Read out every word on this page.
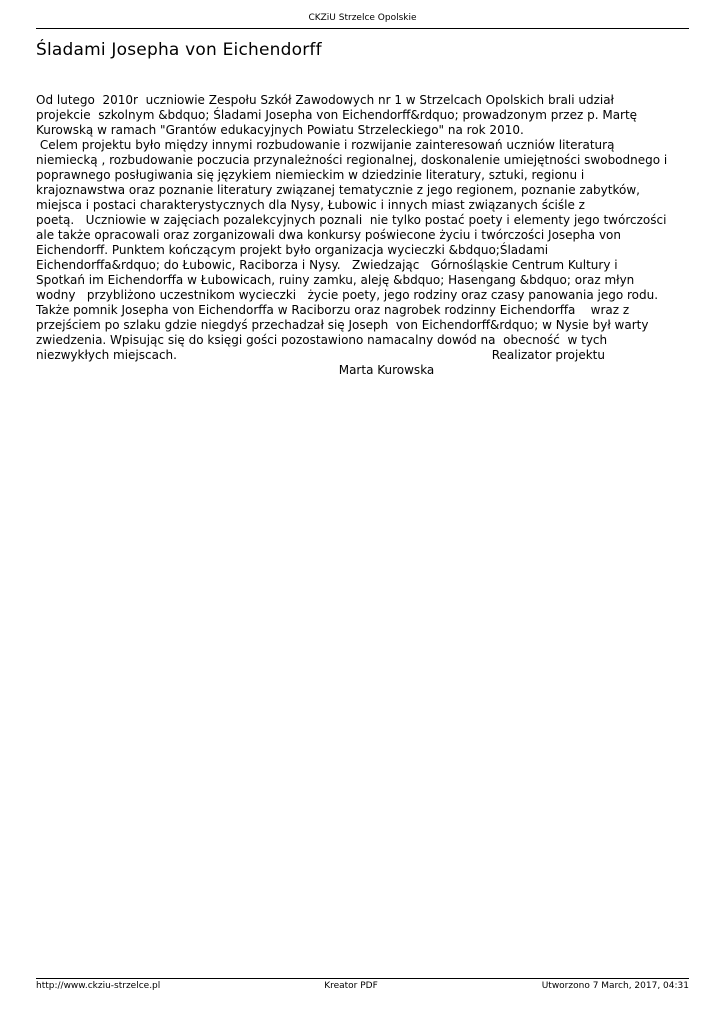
CKZiU Strzelce Opolskie
Śladami Josepha von Eichendorff
Od lutego  2010r  uczniowie Zespołu Szkół Zawodowych nr 1 w Strzelcach Opolskich brali udział
projekcie  szkolnym &bdquo; Śladami Josepha von Eichendorff&rdquo; prowadzonym przez p. Martę
Kurowską w ramach "Grantów edukacyjnych Powiatu Strzeleckiego" na rok 2010.
Celem projektu było między innymi rozbudowanie i rozwijanie zainteresowań uczniów literaturą
niemiecką , rozbudowanie poczucia przynależności regionalnej, doskonalenie umiejętności swobodnego i
poprawnego posługiwania się językiem niemieckim w dziedzinie literatury, sztuki, regionu i
krajoznawstwa oraz poznanie literatury związanej tematycznie z jego regionem, poznanie zabytków,
miejsca i postaci charakterystycznych dla Nysy, Łubowic i innych miast związanych ściśle z
poetą.   Uczniowie w zajęciach pozalekcyjnych poznali  nie tylko postać poety i elementy jego twórczości
ale także opracowali oraz zorganizowali dwa konkursy poświecone życiu i twórczości Josepha von
Eichendorff. Punktem kończącym projekt było organizacja wycieczki &bdquo;Śladami
Eichendorffa&rdquo; do Łubowic, Raciborza i Nysy.   Zwiedzając   Górnośląskie Centrum Kultury i
Spotkań im Eichendorffa w Łubowicach, ruiny zamku, aleję &bdquo; Hasengang &bdquo; oraz młyn
wodny   przybliżono uczestnikom wycieczki   życie poety, jego rodziny oraz czasy panowania jego rodu.
Także pomnik Josepha von Eichendorffa w Raciborzu oraz nagrobek rodzinny Eichendorffa    wraz z
przejściem po szlaku gdzie niegdyś przechadzał się Joseph  von Eichendorff&rdquo; w Nysie był warty
zwiedzenia. Wpisując się do księgi gości pozostawiono namacalny dowód na  obecność  w tych
niezwykłych miejscach.	Realizator projektu
Marta Kurowska
http://www.ckziu-strzelce.pl	Kreator PDF	Utworzono 7 March, 2017, 04:31
